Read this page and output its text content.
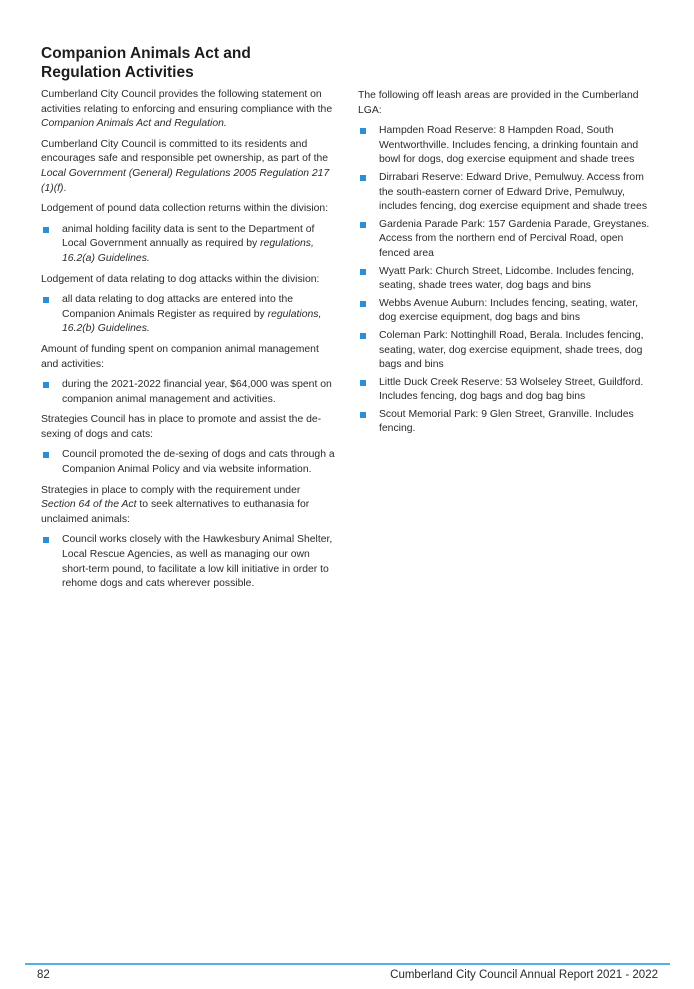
Companion Animals Act and Regulation Activities

Cumberland City Council provides the following statement on activities relating to enforcing and ensuring compliance with the Companion Animals Act and Regulation.

Cumberland City Council is committed to its residents and encourages safe and responsible pet ownership, as part of the Local Government (General) Regulations 2005 Regulation 217 (1)(f).

Lodgement of pound data collection returns within the division:

animal holding facility data is sent to the Department of Local Government annually as required by regulations, 16.2(a) Guidelines.

Lodgement of data relating to dog attacks within the division:

all data relating to dog attacks are entered into the Companion Animals Register as required by regulations, 16.2(b) Guidelines.

Amount of funding spent on companion animal management and activities:

during the 2021-2022 financial year, $64,000 was spent on companion animal management and activities.

Strategies Council has in place to promote and assist the de-sexing of dogs and cats:

Council promoted the de-sexing of dogs and cats through a Companion Animal Policy and via website information.

Strategies in place to comply with the requirement under Section 64 of the Act to seek alternatives to euthanasia for unclaimed animals:

Council works closely with the Hawkesbury Animal Shelter, Local Rescue Agencies, as well as managing our own short-term pound, to facilitate a low kill initiative in order to rehome dogs and cats wherever possible.

The following off leash areas are provided in the Cumberland LGA:

Hampden Road Reserve: 8 Hampden Road, South Wentworthville. Includes fencing, a drinking fountain and bowl for dogs, dog exercise equipment and shade trees
Dirrabari Reserve: Edward Drive, Pemulwuy. Access from the south-eastern corner of Edward Drive, Pemulwuy, includes fencing, dog exercise equipment and shade trees
Gardenia Parade Park: 157 Gardenia Parade, Greystanes. Access from the northern end of Percival Road, open fenced area
Wyatt Park: Church Street, Lidcombe. Includes fencing, seating, shade trees water, dog bags and bins
Webbs Avenue Auburn: Includes fencing, seating, water, dog exercise equipment, dog bags and bins
Coleman Park: Nottinghill Road, Berala. Includes fencing, seating, water, dog exercise equipment, shade trees, dog bags and bins
Little Duck Creek Reserve: 53 Wolseley Street, Guildford. Includes fencing, dog bags and dog bag bins
Scout Memorial Park: 9 Glen Street, Granville. Includes fencing.
82	Cumberland City Council Annual Report 2021 - 2022
